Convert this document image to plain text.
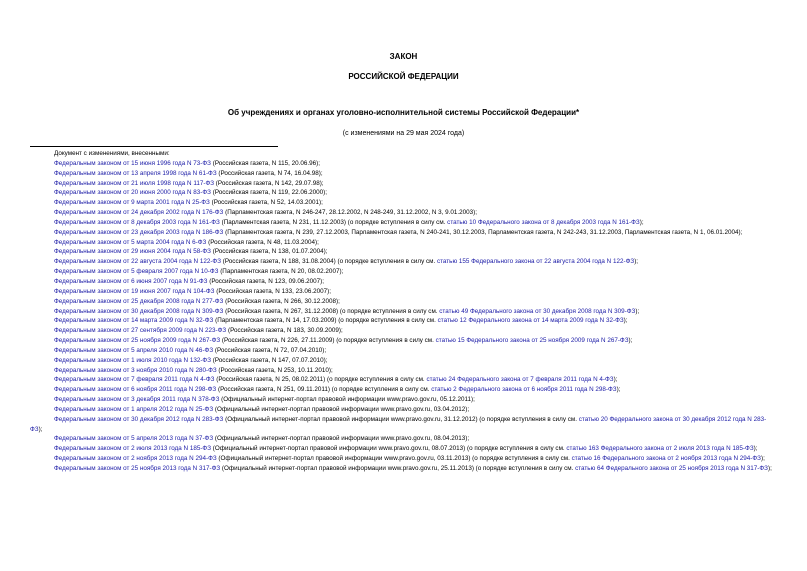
ЗАКОН
РОССИЙСКОЙ ФЕДЕРАЦИИ
Об учреждениях и органах уголовно-исполнительной системы Российской Федерации*
(с изменениями на 29 мая 2024 года)

Документ с изменениями, внесенными:

Федеральным законом от 15 июня 1996 года N 73-ФЗ (Российская газета, N 115, 20.06.96);

Федеральным законом от 13 апреля 1998 года N 61-ФЗ (Российская газета, N 74, 16.04.98);

Федеральным законом от 21 июля 1998 года N 117-ФЗ (Российская газета, N 142, 29.07.98);

Федеральным законом от 20 июня 2000 года N 83-ФЗ (Российская газета, N 119, 22.06.2000);

Федеральным законом от 9 марта 2001 года N 25-ФЗ (Российская газета, N 52, 14.03.2001);

Федеральным законом от 24 декабря 2002 года N 176-ФЗ (Парламентская газета, N 246-247, 28.12.2002, N 248-249, 31.12.2002, N 3, 9.01.2003);

Федеральным законом от 8 декабря 2003 года N 161-ФЗ (Парламентская газета, N 231, 11.12.2003) (о порядке вступления в силу см. статью 10 Федерального закона от 8 декабря 2003 года N 161-ФЗ);

Федеральным законом от 23 декабря 2003 года N 186-ФЗ (Парламентская газета, N 239, 27.12.2003, Парламентская газета, N 240-241, 30.12.2003, Парламентская газета, N 242-243, 31.12.2003, Парламентская газета, N 1, 06.01.2004);

Федеральным законом от 5 марта 2004 года N 6-ФЗ (Российская газета, N 48, 11.03.2004);

Федеральным законом от 29 июня 2004 года N 58-ФЗ (Российская газета, N 138, 01.07.2004);

Федеральным законом от 22 августа 2004 года N 122-ФЗ (Российская газета, N 188, 31.08.2004) (о порядке вступления в силу см. статью 155 Федерального закона от 22 августа 2004 года N 122-ФЗ);

Федеральным законом от 5 февраля 2007 года N 10-ФЗ (Парламентская газета, N 20, 08.02.2007);

Федеральным законом от 6 июня 2007 года N 91-ФЗ (Российская газета, N 123, 09.06.2007);

Федеральным законом от 19 июня 2007 года N 104-ФЗ (Российская газета, N 133, 23.06.2007);

Федеральным законом от 25 декабря 2008 года N 277-ФЗ (Российская газета, N 266, 30.12.2008);

Федеральным законом от 30 декабря 2008 года N 309-ФЗ (Российская газета, N 267, 31.12.2008) (о порядке вступления в силу см. статью 49 Федерального закона от 30 декабря 2008 года N 309-ФЗ);

Федеральным законом от 14 марта 2009 года N 32-ФЗ (Парламентская газета, N 14, 17.03.2009) (о порядке вступления в силу см. статью 12 Федерального закона от 14 марта 2009 года N 32-ФЗ);

Федеральным законом от 27 сентября 2009 года N 223-ФЗ (Российская газета, N 183, 30.09.2009);

Федеральным законом от 25 ноября 2009 года N 267-ФЗ (Российская газета, N 226, 27.11.2009) (о порядке вступления в силу см. статью 15 Федерального закона от 25 ноября 2009 года N 267-ФЗ);

Федеральным законом от 5 апреля 2010 года N 46-ФЗ (Российская газета, N 72, 07.04.2010);

Федеральным законом от 1 июля 2010 года N 132-ФЗ (Российская газета, N 147, 07.07.2010);

Федеральным законом от 3 ноября 2010 года N 280-ФЗ (Российская газета, N 253, 10.11.2010);

Федеральным законом от 7 февраля 2011 года N 4-ФЗ (Российская газета, N 25, 08.02.2011) (о порядке вступления в силу см. статью 24 Федерального закона от 7 февраля 2011 года N 4-ФЗ);

Федеральным законом от 6 ноября 2011 года N 298-ФЗ (Российская газета, N 251, 09.11.2011) (о порядке вступления в силу см. статью 2 Федерального закона от 6 ноября 2011 года N 298-ФЗ);

Федеральным законом от 3 декабря 2011 года N 378-ФЗ (Официальный интернет-портал правовой информации www.pravo.gov.ru, 05.12.2011);

Федеральным законом от 1 апреля 2012 года N 25-ФЗ (Официальный интернет-портал правовой информации www.pravo.gov.ru, 03.04.2012);

Федеральным законом от 30 декабря 2012 года N 283-ФЗ (Официальный интернет-портал правовой информации www.pravo.gov.ru, 31.12.2012) (о порядке вступления в силу см. статью 20 Федерального закона от 30 декабря 2012 года N 283-ФЗ);

Федеральным законом от 5 апреля 2013 года N 37-ФЗ (Официальный интернет-портал правовой информации www.pravo.gov.ru, 08.04.2013);

Федеральным законом от 2 июля 2013 года N 185-ФЗ (Официальный интернет-портал правовой информации www.pravo.gov.ru, 08.07.2013) (о порядке вступления в силу см. статью 163 Федерального закона от 2 июля 2013 года N 185-ФЗ);

Федеральным законом от 2 ноября 2013 года N 294-ФЗ (Официальный интернет-портал правовой информации www.pravo.gov.ru, 03.11.2013) (о порядке вступления в силу см. статью 16 Федерального закона от 2 ноября 2013 года N 294-ФЗ);

Федеральным законом от 25 ноября 2013 года N 317-ФЗ (Официальный интернет-портал правовой информации www.pravo.gov.ru, 25.11.2013) (о порядке вступления в силу см. статью 64 Федерального закона от 25 ноября 2013 года N 317-ФЗ);
